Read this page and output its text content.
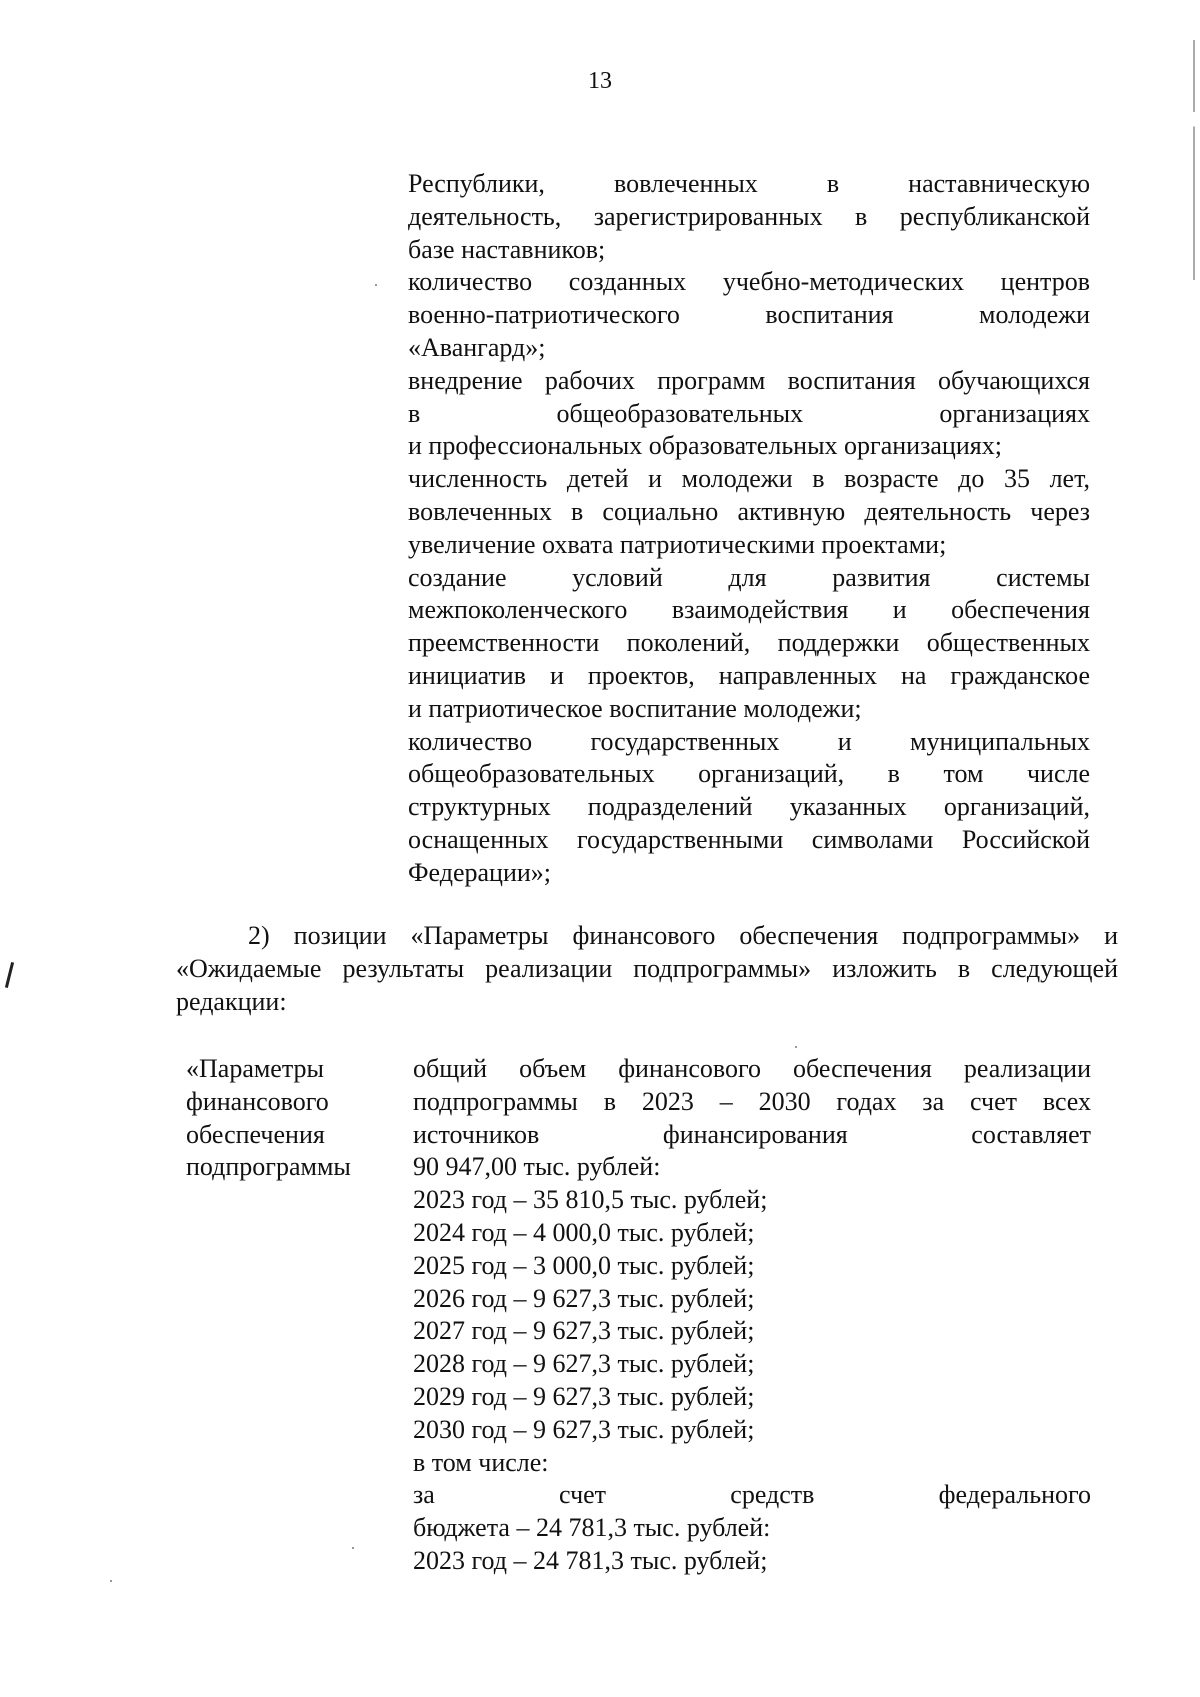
13
Республики, вовлеченных в наставническую
деятельность, зарегистрированных в республиканской
базе наставников;
количество созданных учебно-методических центров
военно-патриотического воспитания молодежи
«Авангард»;
внедрение рабочих программ воспитания обучающихся
в общеобразовательных организациях
и профессиональных образовательных организациях;
численность детей и молодежи в возрасте до 35 лет,
вовлеченных в социально активную деятельность через
увеличение охвата патриотическими проектами;
создание условий для развития системы
межпоколенческого взаимодействия и обеспечения
преемственности поколений, поддержки общественных
инициатив и проектов, направленных на гражданское
и патриотическое воспитание молодежи;
количество государственных и муниципальных
общеобразовательных организаций, в том числе
структурных подразделений указанных организаций,
оснащенных государственными символами Российской
Федерации»;
2) позиции «Параметры финансового обеспечения подпрограммы» и
«Ожидаемые результаты реализации подпрограммы» изложить в следующей
редакции:
«Параметры
финансового
обеспечения
подпрограммы
общий объем финансового обеспечения реализации
подпрограммы в 2023 – 2030 годах за счет всех
источников финансирования составляет
90 947,00 тыс. рублей:
2023 год – 35 810,5 тыс. рублей;
2024 год – 4 000,0 тыс. рублей;
2025 год – 3 000,0 тыс. рублей;
2026 год – 9 627,3 тыс. рублей;
2027 год – 9 627,3 тыс. рублей;
2028 год – 9 627,3 тыс. рублей;
2029 год – 9 627,3 тыс. рублей;
2030 год – 9 627,3 тыс. рублей;
в том числе:
за счет средств федерального
бюджета – 24 781,3 тыс. рублей:
2023 год – 24 781,3 тыс. рублей;
